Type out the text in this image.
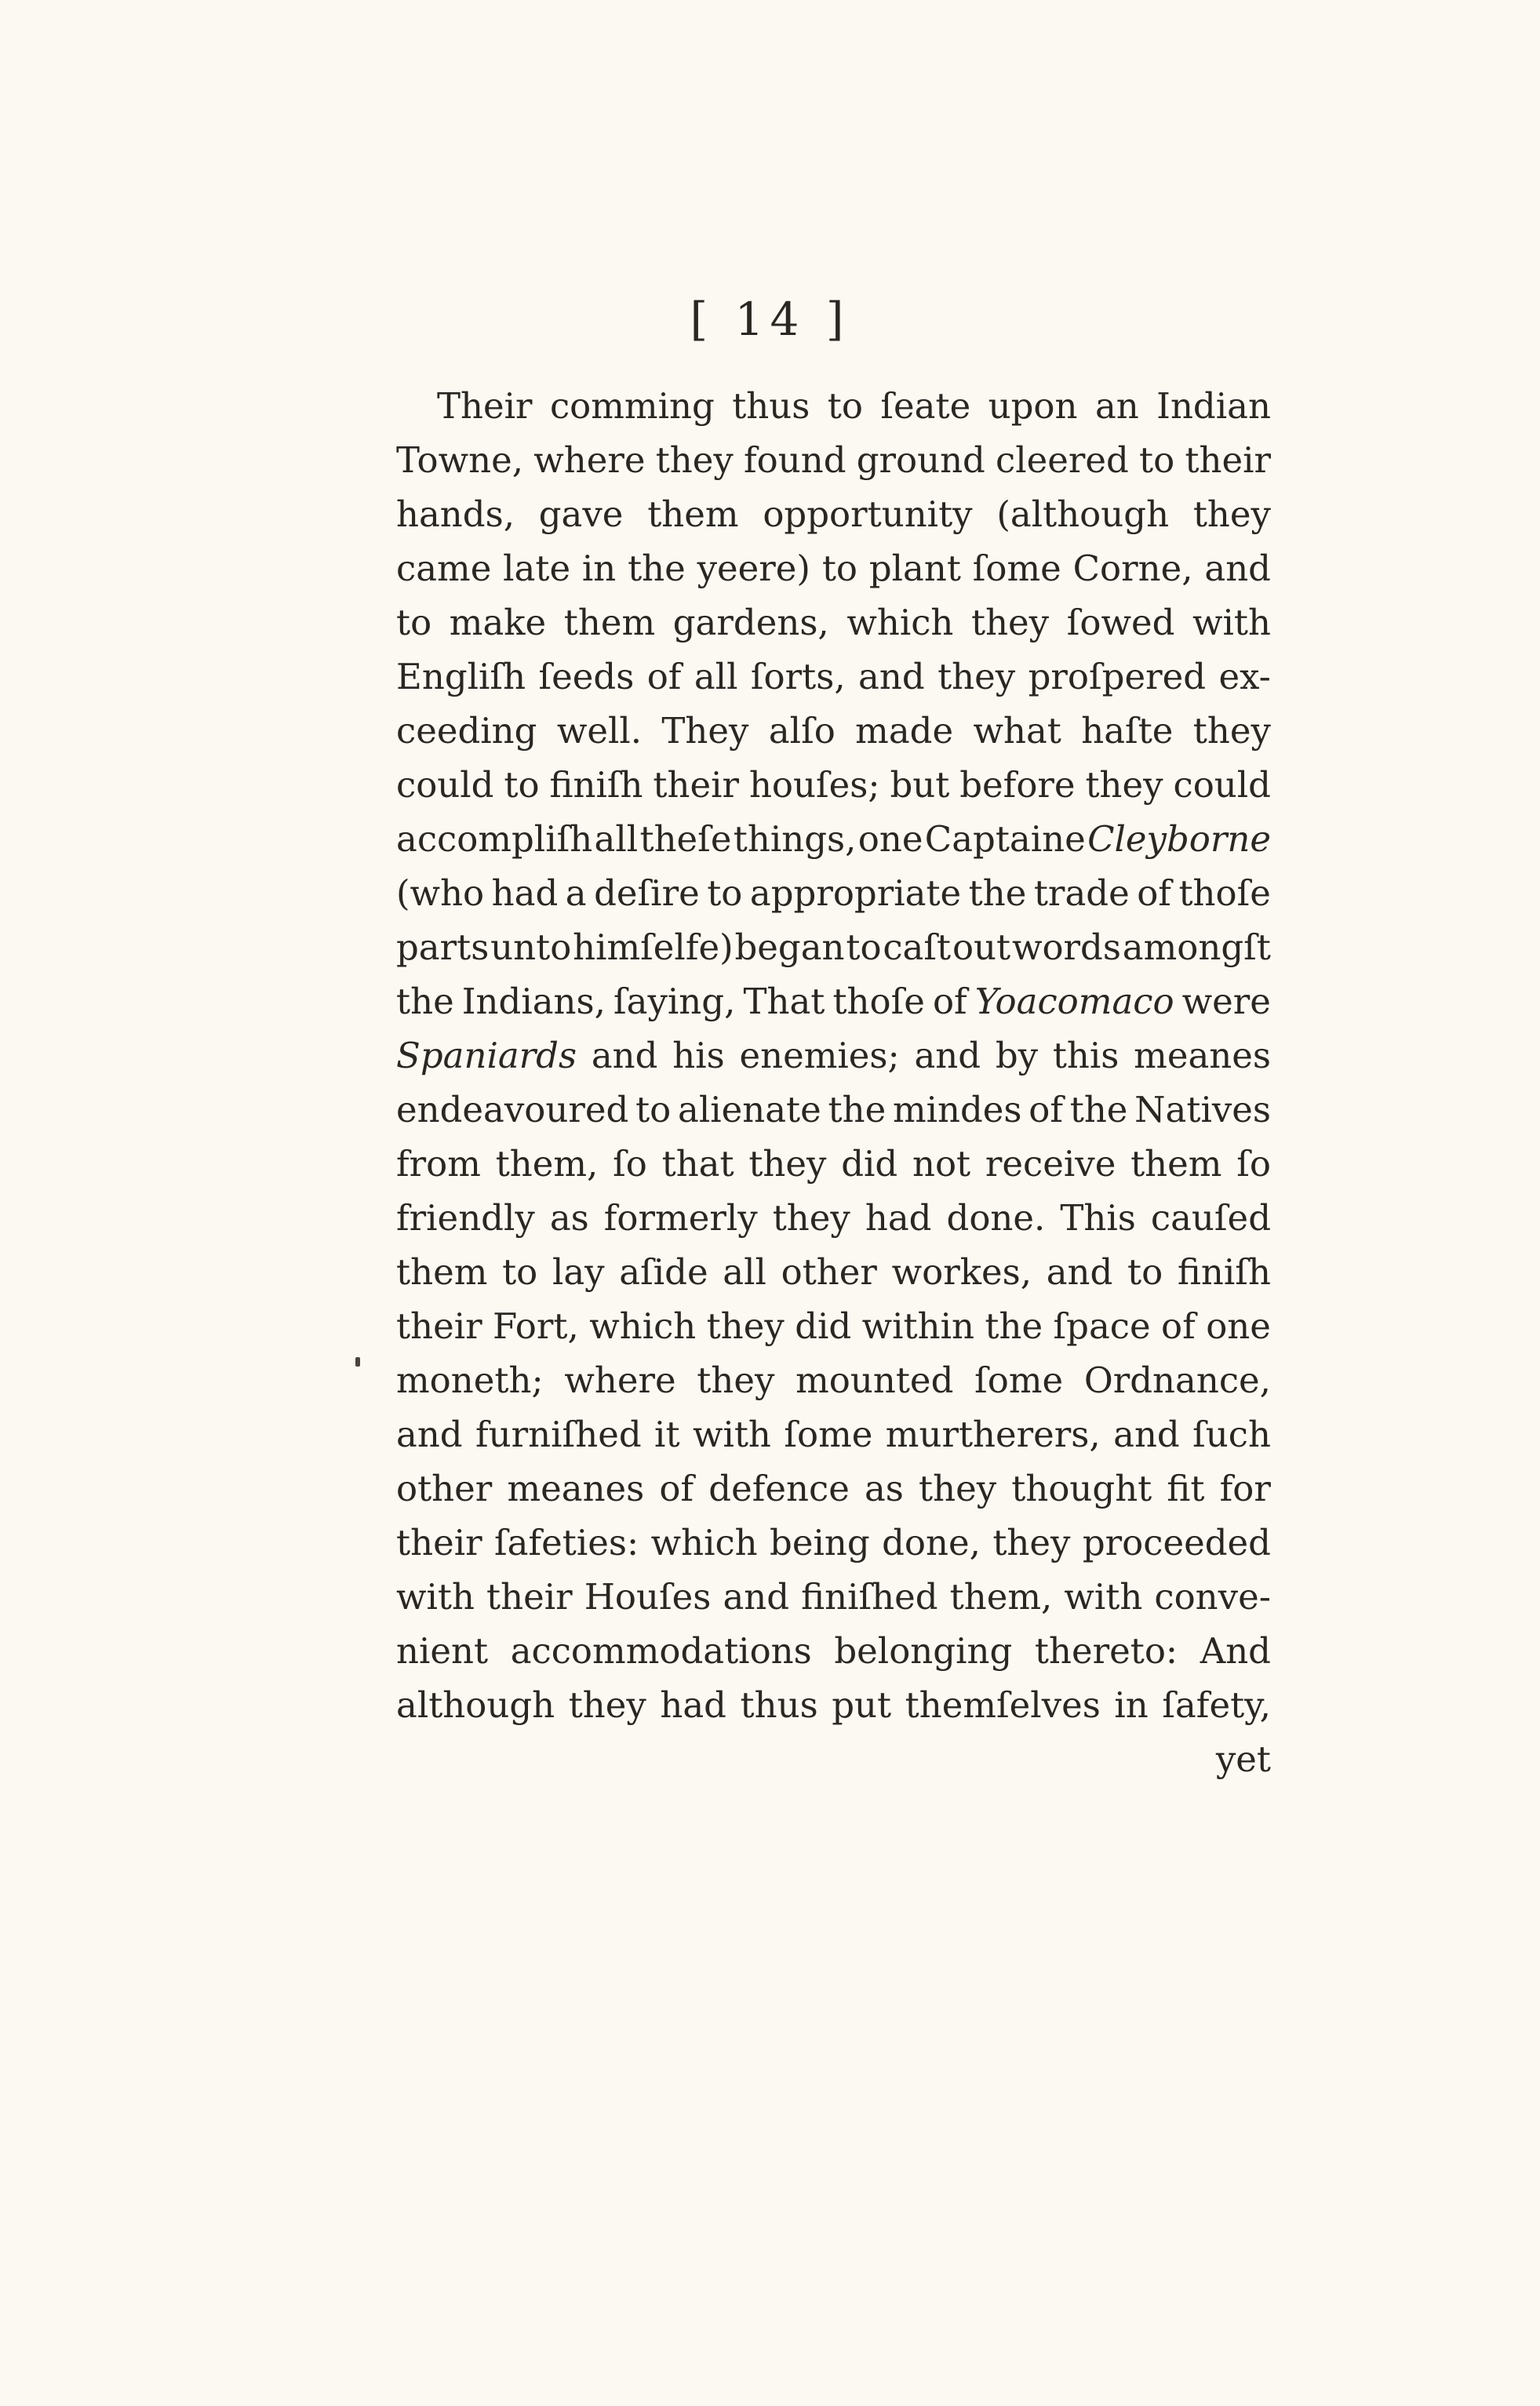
[ 14 ]
Their comming thus to ſeate upon an Indian
Towne, where they found ground cleered to their
hands, gave them opportunity (although they
came late in the yeere) to plant ſome Corne, and
to make them gardens, which they ſowed with
Engliſh ſeeds of all ſorts, and they proſpered ex-
ceeding well. They alſo made what haſte they
could to finiſh their houſes; but before they could
accompliſh all theſe things, one Captaine Cleyborne
(who had a deſire to appropriate the trade of thoſe
parts unto himſelfe) began to caſt out words amongſt
the Indians, ſaying, That thoſe of Yoacomaco were
Spaniards and his enemies; and by this meanes
endeavoured to alienate the mindes of the Natives
from them, ſo that they did not receive them ſo
friendly as formerly they had done. This cauſed
them to lay aſide all other workes, and to finiſh
their Fort, which they did within the ſpace of one
moneth; where they mounted ſome Ordnance,
and furniſhed it with ſome murtherers, and ſuch
other meanes of defence as they thought fit for
their ſafeties: which being done, they proceeded
with their Houſes and finiſhed them, with conve-
nient accommodations belonging thereto: And
although they had thus put themſelves in ſafety,
yet
